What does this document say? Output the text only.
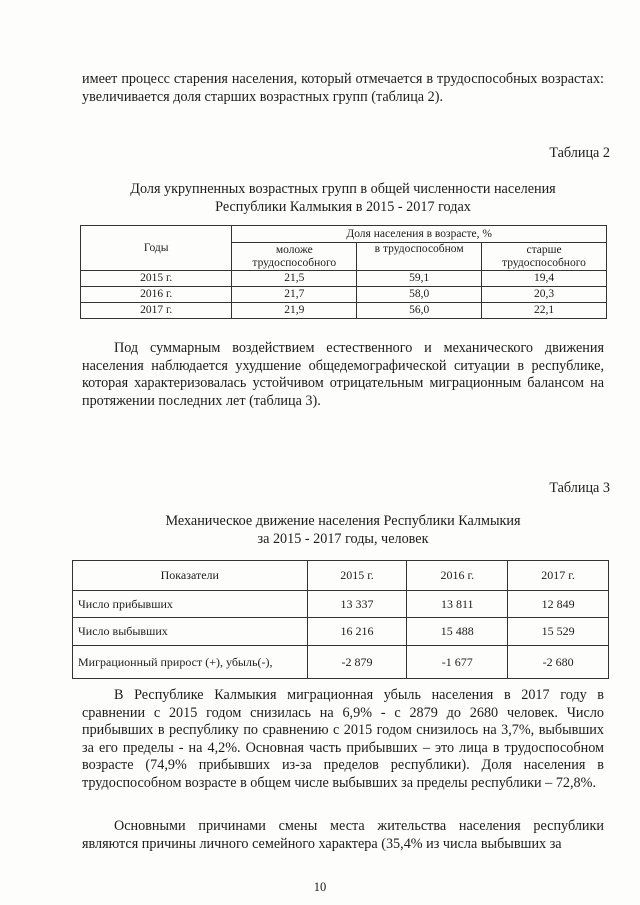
имеет процесс старения населения, который отмечается в трудоспособных возрастах: увеличивается доля старших возрастных групп (таблица 2).

Таблица 2
Доля укрупненных возрастных групп в общей численности населения
Республики Калмыкия в 2015 - 2017 годах
Годы	Доля населения в возрасте, %		
	моложе трудоспособного	в трудоспособном	старше трудоспособного
2015 г.	21,5	59,1	19,4
2016 г.	21,7	58,0	20,3
2017 г.	21,9	56,0	22,1

Под суммарным воздействием естественного и механического движения населения наблюдается ухудшение общедемографической ситуации в республике, которая характеризовалась устойчивом отрицательным миграционным балансом на протяжении последних лет (таблица 3).

Таблица 3
Механическое движение населения Республики Калмыкия
за 2015 - 2017 годы, человек
Показатели	2015 г.	2016 г.	2017 г.
Число прибывших	13 337	13 811	12 849
Число выбывших	16 216	15 488	15 529
Миграционный прирост (+), убыль(-),	-2 879	-1 677	-2 680

В Республике Калмыкия миграционная убыль населения в 2017 году в сравнении с 2015 годом снизилась на 6,9% - с 2879 до 2680 человек. Число прибывших в республику по сравнению с 2015 годом снизилось на 3,7%, выбывших за его пределы - на 4,2%. Основная часть прибывших – это лица в трудоспособном возрасте (74,9% прибывших из-за пределов республики). Доля населения в трудоспособном возрасте в общем числе выбывших за пределы республики – 72,8%.

Основными причинами смены места жительства населения республики являются причины личного семейного характера (35,4% из числа выбывших за

10
